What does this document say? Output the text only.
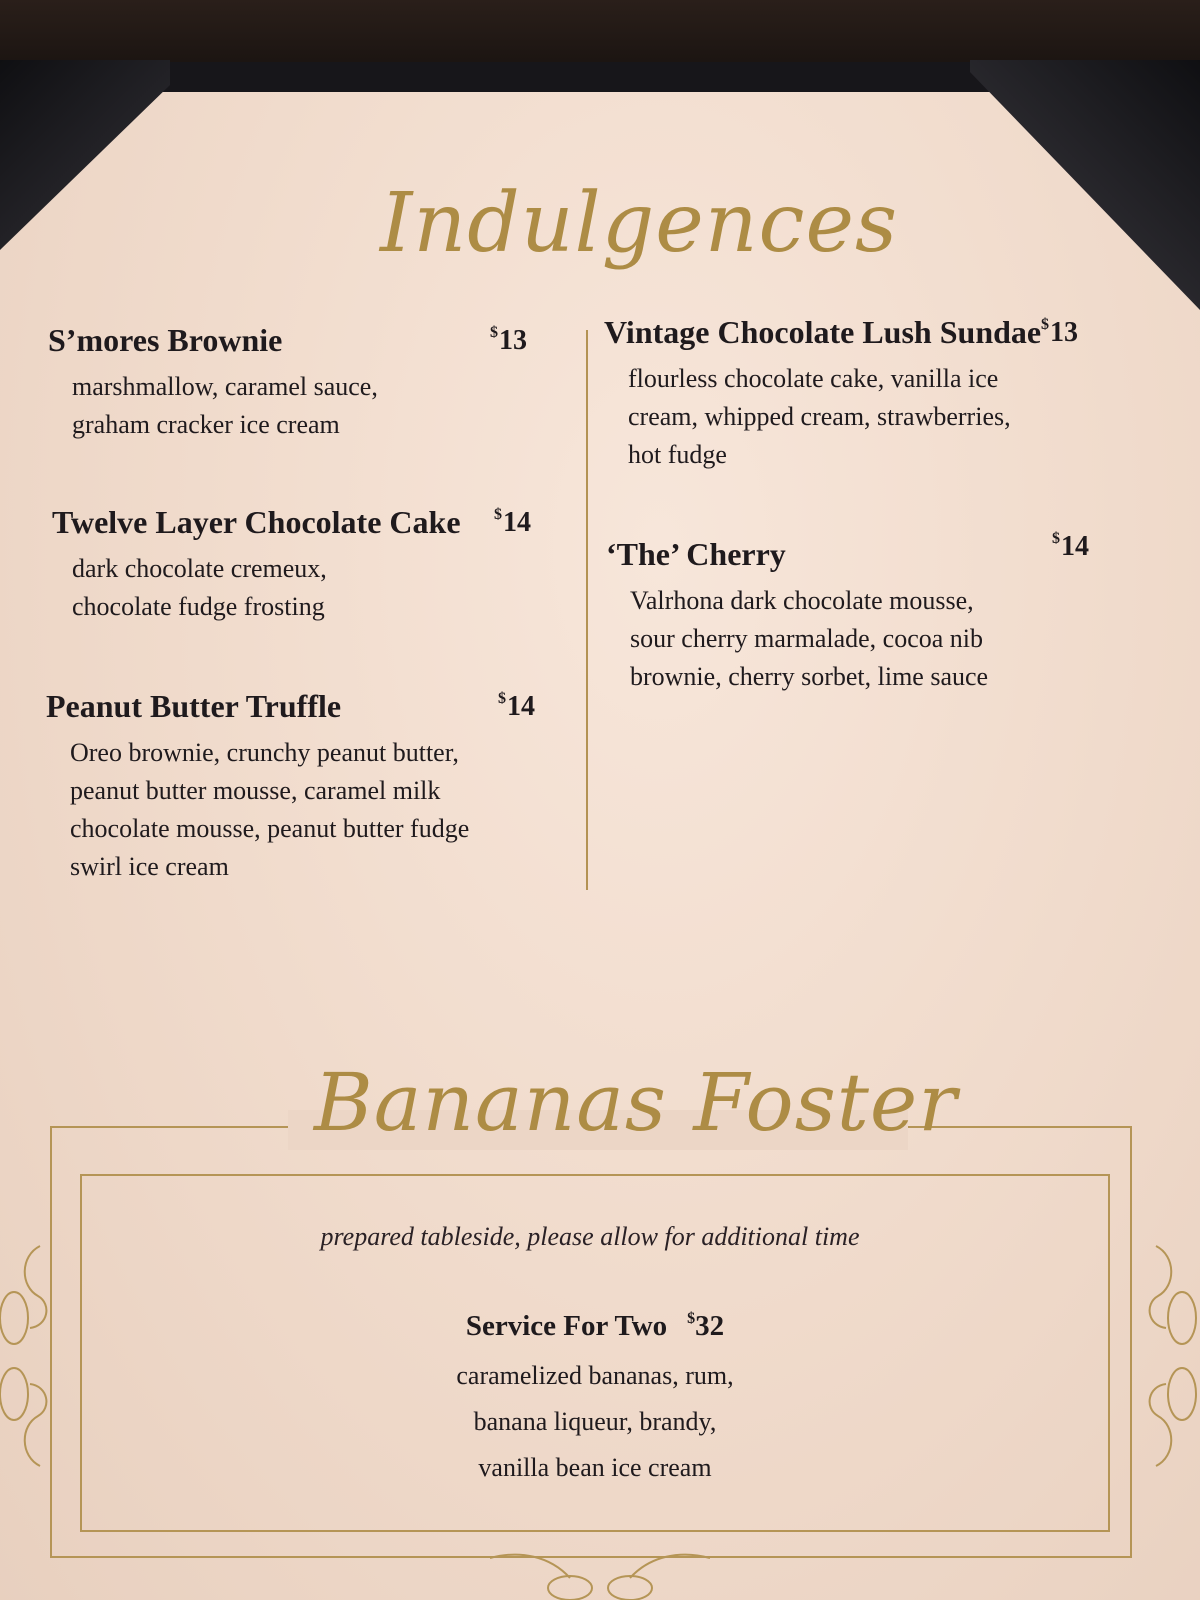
Indulgences
S’mores Brownie	$13
marshmallow, caramel sauce,
graham cracker ice cream
Twelve Layer Chocolate Cake $14
dark chocolate cremeux,
chocolate fudge frosting
Peanut Butter Truffle	$14
Oreo brownie, crunchy peanut butter,
peanut butter mousse, caramel milk
chocolate mousse, peanut butter fudge
swirl ice cream
Vintage Chocolate Lush Sundae $13
flourless chocolate cake, vanilla ice
cream, whipped cream, strawberries,
hot fudge
‘The’ Cherry	$14
Valrhona dark chocolate mousse,
sour cherry marmalade, cocoa nib
brownie, cherry sorbet, lime sauce
Bananas Foster
prepared tableside, please allow for additional time
Service For Two $32
caramelized bananas, rum,
banana liqueur, brandy,
vanilla bean ice cream
